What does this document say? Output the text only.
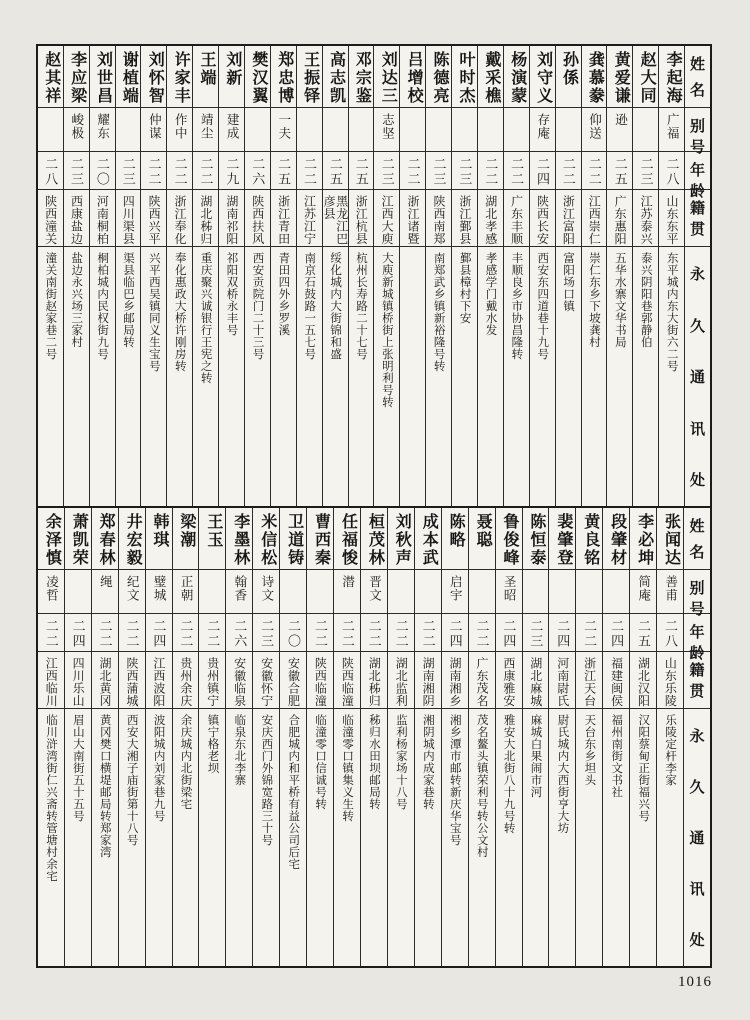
姓
名
别
号
年
龄
籍
贯
永
久
通
讯
处
李起海
广福
二八
山东东平
东平城内东大街六二号
赵大同
二三
江苏泰兴
泰兴阴阳巷郭静伯
黄爱谦
逊
二五
广东惠阳
五华水寨文华书局
龚慕豢
仰送
二二
江西崇仁
崇仁东乡下坡龚村
孙係
二二
浙江富阳
富阳场口镇
刘守义
存庵
二四
陕西长安
西安东四道巷十九号
杨演蒙
二二
广东丰顺
丰顺良乡市协昌隆转
戴采樵
二二
湖北孝感
孝感学门戴水发
叶时杰
二三
浙江鄞县
鄞县樟村下安
陈德亮
二三
陕西南郑
南郑武乡镇新裕隆号转
吕增校
二二
浙江诸暨
刘达三
志坚
二三
江西大庾
大庾新城镇桥街上张明利号转
邓宗鉴
二五
浙江杭县
杭州长寿路二十七号
高志凯
二五
黑龙江巴彦县
绥化城内大街锦和盛
王振铎
二二
江苏江宁
南京石鼓路一五七号
郑忠博
一夫
二五
浙江青田
青田四外乡罗溪
樊汉翼
二六
陕西扶风
西安贡院门二十三号
刘新
建成
二九
湖南祁阳
祁阳双桥永丰号
王端
靖尘
二二
湖北秭归
重庆聚兴诚银行王宪之转
许家丰
作中
二二
浙江奉化
奉化惠政大桥许刚房转
刘怀智
仲谋
二二
陕西兴平
兴平西吴镇同义生宝号
谢植端
二三
四川渠县
渠县临巴乡邮局转
刘世昌
耀东
二〇
河南桐柏
桐柏城内民权街九号
李应梁
峻极
二三
西康盐边
盐边永兴场三家村
赵其祥
二八
陕西潼关
潼关南街赵家巷二号
姓
名
别
号
年
龄
籍
贯
永
久
通
讯
处
张闻达
善甫
二八
山东乐陵
乐陵定杆李家
李必坤
简庵
二五
湖北汉阳
汉阳蔡甸正街福兴号
段肇材
二四
福建闽侯
福州南街文书社
黄良铭
二二
浙江天台
天台东乡坦头
裴肇登
二四
河南尉氏
尉氏城内大西街亨大坊
陈恒泰
二三
湖北麻城
麻城白果闹市河
鲁俊峰
圣昭
二四
西康雅安
雅安大北街八十九号转
聂聪
二二
广东茂名
茂名鳌头镇荣利号转公文村
陈略
启宇
二四
湖南湘乡
湘乡潭市邮转新庆华宝号
成本武
二二
湖南湘阴
湘阴城内成家巷转
刘秋声
二二
湖北监利
监利杨家场十八号
桓茂林
晋文
二二
湖北秭归
秭归水田坝邮局转
任福悛
潜
二二
陕西临潼
临潼零口镇集义生转
曹西秦
二二
陕西临潼
临潼零口信诚号转
卫道铸
二〇
安徽合肥
合肥城内和平桥有益公司后宅
米信松
诗文
二三
安徽怀宁
安庆西门外锦宽路三十号
李墨林
翰香
二六
安徽临泉
临泉东北李寨
王玉
二二
贵州镇宁
镇宁格老坝
梁潮
正朝
二二
贵州余庆
余庆城内北街梁宅
韩琪
璧城
二四
江西波阳
波阳城内刘家巷九号
井宏毅
纪文
二二
陕西蒲城
西安大湘子庙街第十八号
郑春林
绳
二二
湖北黄冈
黄冈樊口横堤邮局转郑家湾
萧凯荣
二四
四川乐山
眉山大南街五十五号
余泽慎
凌哲
二二
江西临川
临川浒湾街仁兴斋转管塘村余宅
1016
